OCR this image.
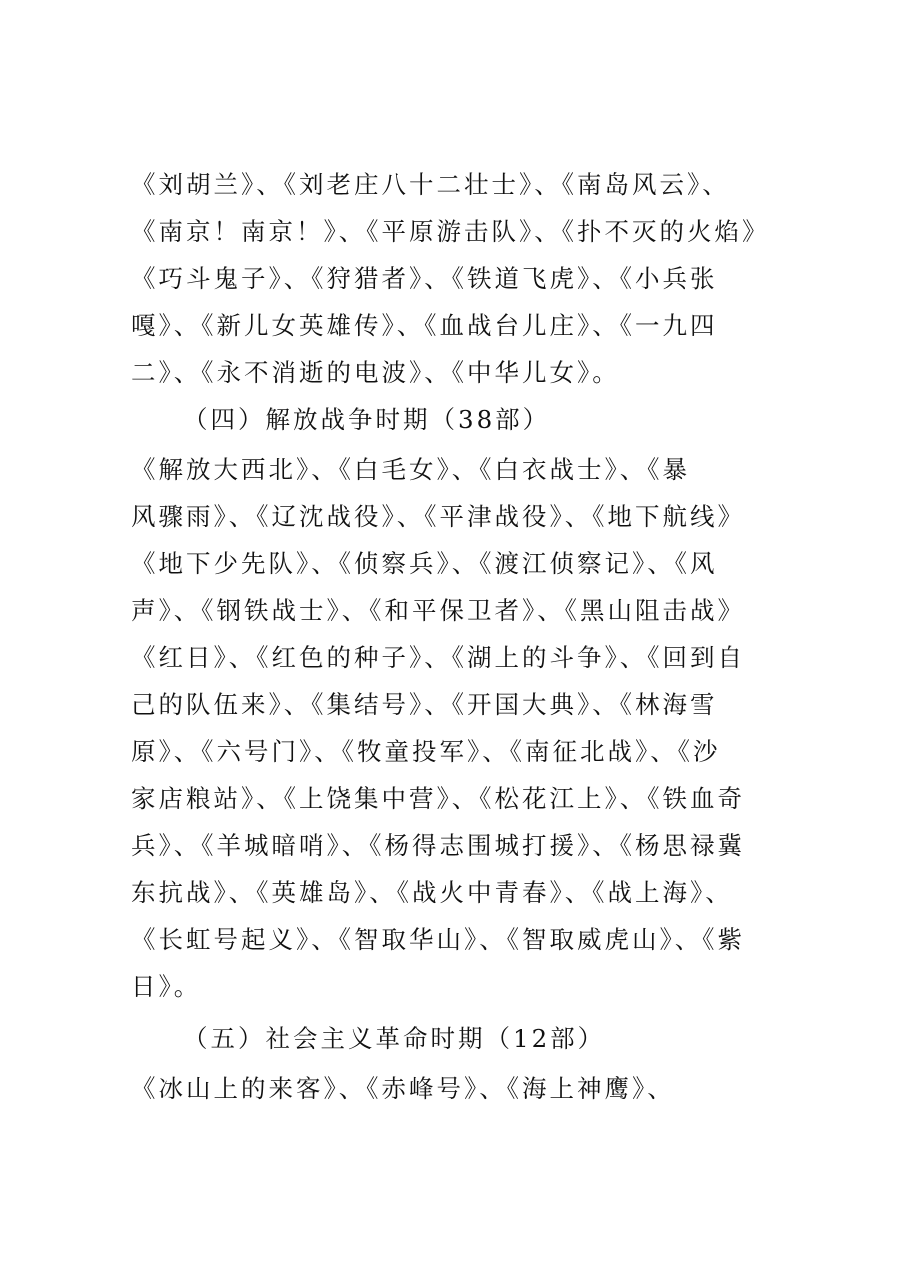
《刘胡兰》、《刘老庄八十二壮士》、《南岛风云》、
《南京！南京！》、《平原游击队》、《扑不灭的火焰》
《巧斗鬼子》、《狩猎者》、《铁道飞虎》、《小兵张
嘎》、《新儿女英雄传》、《血战台儿庄》、《一九四
二》、《永不消逝的电波》、《中华儿女》。
（四）解放战争时期（38部）
《解放大西北》、《白毛女》、《白衣战士》、《暴
风骤雨》、《辽沈战役》、《平津战役》、《地下航线》
《地下少先队》、《侦察兵》、《渡江侦察记》、《风
声》、《钢铁战士》、《和平保卫者》、《黑山阻击战》
《红日》、《红色的种子》、《湖上的斗争》、《回到自
己的队伍来》、《集结号》、《开国大典》、《林海雪
原》、《六号门》、《牧童投军》、《南征北战》、《沙
家店粮站》、《上饶集中营》、《松花江上》、《铁血奇
兵》、《羊城暗哨》、《杨得志围城打援》、《杨思禄冀
东抗战》、《英雄岛》、《战火中青春》、《战上海》、
《长虹号起义》、《智取华山》、《智取威虎山》、《紫
日》。
（五）社会主义革命时期（12部）
《冰山上的来客》、《赤峰号》、《海上神鹰》、
